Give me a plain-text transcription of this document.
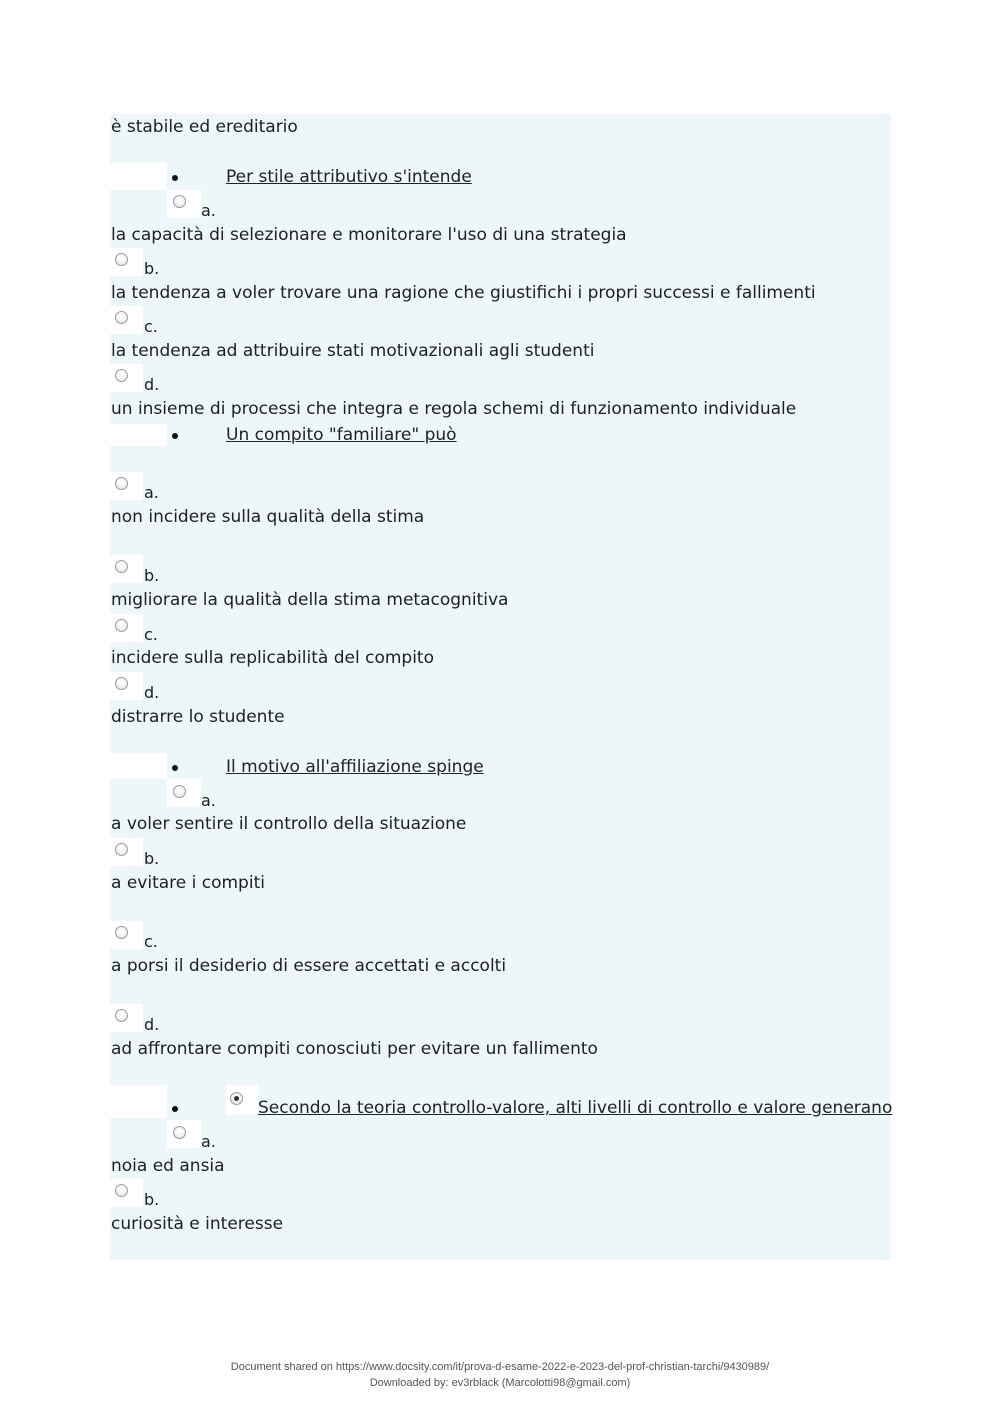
è stabile ed ereditario
Per stile attributivo s'intende
a.
la capacità di selezionare e monitorare l'uso di una strategia
b.
la tendenza a voler trovare una ragione che giustifichi i propri successi e fallimenti
c.
la tendenza ad attribuire stati motivazionali agli studenti
d.
un insieme di processi che integra e regola schemi di funzionamento individuale
Un compito "familiare" può
a.
non incidere sulla qualità della stima
b.
migliorare la qualità della stima metacognitiva
c.
incidere sulla replicabilità del compito
d.
distrarre lo studente
Il motivo all'affiliazione spinge
a.
a voler sentire il controllo della situazione
b.
a evitare i compiti
c.
a porsi il desiderio di essere accettati e accolti
d.
ad affrontare compiti conosciuti per evitare un fallimento
Secondo la teoria controllo-valore, alti livelli di controllo e valore generano
a.
noia ed ansia
b.
curiosità e interesse
Document shared on https://www.docsity.com/it/prova-d-esame-2022-e-2023-del-prof-christian-tarchi/9430989/
Downloaded by: ev3rblack (Marcolotti98@gmail.com)
